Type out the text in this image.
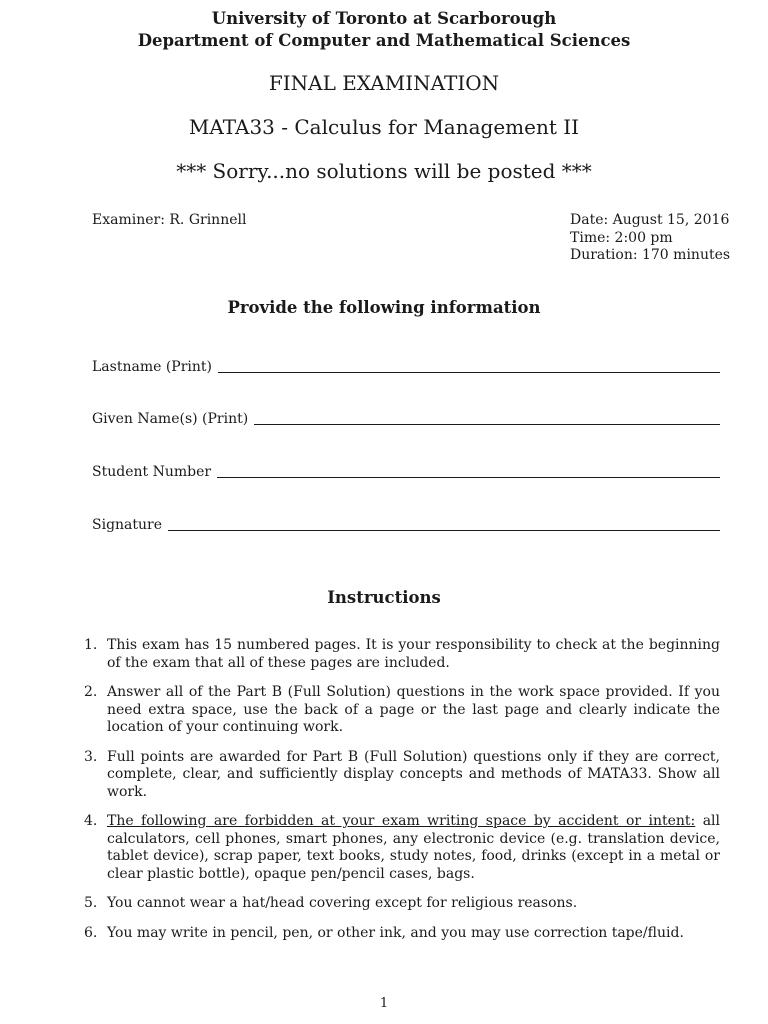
University of Toronto at Scarborough
Department of Computer and Mathematical Sciences
FINAL EXAMINATION
MATA33 - Calculus for Management II
*** Sorry...no solutions will be posted ***
Examiner: R. Grinnell	Date: August 15, 2016
Time: 2:00 pm
Duration: 170 minutes
Provide the following information
Lastname (Print)
Given Name(s) (Print)
Student Number
Signature
Instructions
1. This exam has 15 numbered pages. It is your responsibility to check at the beginning of the exam that all of these pages are included.
2. Answer all of the Part B (Full Solution) questions in the work space provided. If you need extra space, use the back of a page or the last page and clearly indicate the location of your continuing work.
3. Full points are awarded for Part B (Full Solution) questions only if they are correct, complete, clear, and sufficiently display concepts and methods of MATA33. Show all work.
4. The following are forbidden at your exam writing space by accident or intent: all calculators, cell phones, smart phones, any electronic device (e.g. translation device, tablet device), scrap paper, text books, study notes, food, drinks (except in a metal or clear plastic bottle), opaque pen/pencil cases, bags.
5. You cannot wear a hat/head covering except for religious reasons.
6. You may write in pencil, pen, or other ink, and you may use correction tape/fluid.
1
